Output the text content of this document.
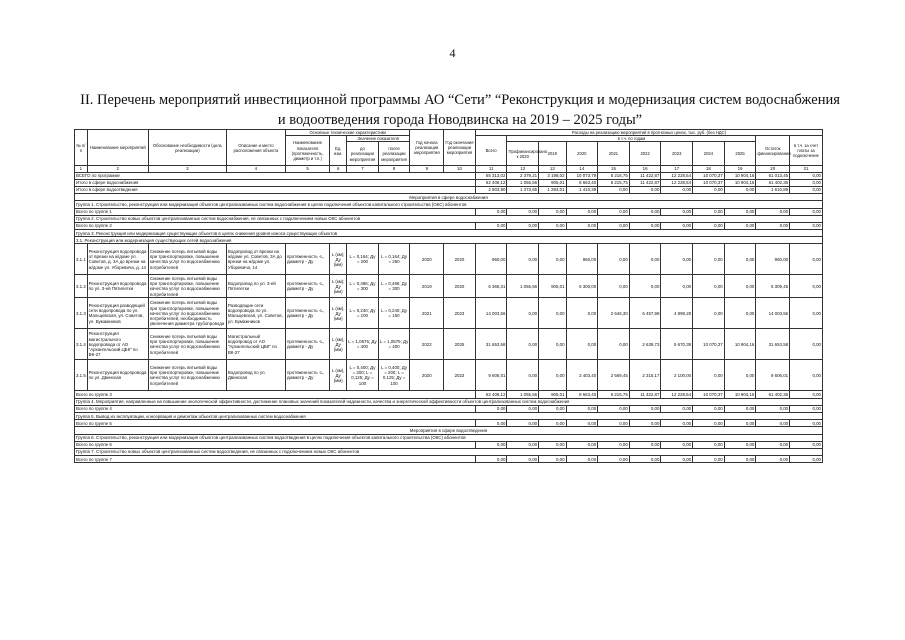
4
II. Перечень мероприятий инвестиционной программы АО “Сети” “Реконструкция и модернизация систем водоснабжения
и водоотведения города Новодвинска на 2019 – 2025 годы”
№ п/п	Наименование мероприятий	Обоснование необходимости (цель реализации)	Описание и место расположения объекта	Основные технические характеристики				Год начала реализации мероприятия	Год окончания реализации мероприятия	Расходы на реализацию мероприятий в прогнозных ценах, тыс. руб. (без НДС)										
				Наименование показателя (протяженность, диаметр и т.п.)	Ед. изм.	Значение показателя				Всего	в т.ч. по годам								Остаток финансирования	в т.ч. за счет платы за подключение
						до реализации мероприятия	после реализации мероприятия				Профинансировано к 2020	2019	2020	2021	2022	2023	2024	2025		
1	2	3	4	5	6	7	8	9	10	11	12	13	14	15	16	17	18	19	20	21
ВСЕГО по программе										65 313,02	2 379,21	3 198,02	10 073,79	5 216,75	11 422,87	12 228,54	10 070,37	10 904,16	61 013,45	0,00
Итого в сфере водоснабжения										62 408,12	1 055,56	905,01	8 663,40	5 215,75	11 422,87	12 228,54	10 070,37	10 904,16	61 402,36	0,00
Итого в сфере водоотведения										2 903,90	1 373,65	1 293,01	1 410,39	0,00	0,00	0,00	0,00	0,00	1 610,89	0,00
Мероприятия в сфере водоснабжения																				
Группа 1. Строительство, реконструкция или модернизация объектов централизованных систем водоснабжения в целях подключения объектов капитального строительства (ОКС) абонентов																				
Всего по группе 1										0,00	0,00	0,00	0,00	0,00	0,00	0,00	0,00	0,00	0,00	0,00
Группа 2. Строительство новых объектов централизованных систем водоснабжения, не связанных с подключением новых ОКС абонентов																				
Всего по группе 2										0,00	0,00	0,00	0,00	0,00	0,00	0,00	0,00	0,00	0,00	0,00
Группа 3. Реконструкция или модернизация существующих объектов в целях снижения уровня износа существующих объектов																				
3.1. Реконструкция или модернизация существующих сетей водоснабжения																				
3.1.1	Реконструкция водопровода от врезки на ж/доме ул. Советов, д. 3А до врезки на ж/доме ул. Уборевича, д. 14	Снижение потерь питьевой воды при транспортировке, повышение качества услуг по водоснабжению потребителей	Водопровод от врезки на ж/доме ул. Советов, 3А до врезки на ж/доме ул. Уборевича, 14	протяженность -L, диаметр - Ду	L (км); Ду (мм)	L = 0,164; Ду = 200	L = 0,164; Ду = 250	2020	2020	960,00	0,00	0,00	960,00	0,00	0,00	0,00	0,00	0,00	960,00	0,00
3.1.2	Реконструкция водопровода по ул. 3-ей Пятилетки	Снижение потерь питьевой воды при транспортировке, повышение качества услуг по водоснабжению потребителей	Водопровод по ул. 3-ей Пятилетки	протяженность -L, диаметр - Ду	L (км); Ду (мм)	L = 0,486; Ду = 300	L = 0,486; Ду = 300	2019	2020	6 365,01	1 055,56	905,01	5 300,00	0,00	0,00	0,00	0,00	0,00	5 309,45	0,00
3.1.3	Реконструкция разводящей сети водопровода по ул. Мальцевская, ул. Советов, ул. Бумажников	Снижение потерь питьевой воды при транспортировке, повышение качества услуг по водоснабжению потребителей, необходимость увеличения диаметра трубопровода	Разводящие сети водопровода по ул. Мальцевская, ул. Советов, ул. Бумажников	протяженность -L, диаметр - Ду	L (км), Ду (мм)	L = 0,240; Ду = 100	L = 0,240; Ду = 150	2021	2023	14 003,56	0,00	0,00	0,00	2 646,30	6 457,98	4 899,28	0,00	0,00	14 003,56	0,00
3.1.4	Реконструкция магистрального водопровода от АО "Архангельский ЦБК" по ВК-27	Снижение потерь питьевой воды при транспортировке, повышение качества услуг по водоснабжению потребителей	Магистральный водопровод от АО "Архангельский ЦБК" по ВК-27	протяженность -L, диаметр - Ду	L (км), Ду (мм)	L = 1,0575; Ду = 400	L = 1,0575; Ду = 400	2022	2025	31 653,58	0,00	0,00	0,00	0,00	2 639,73	5 670,39	10 070,37	10 904,16	31 653,58	0,00
3.1.5	Реконструкция водопровода по ул. Двинская	Снижение потерь питьевой воды при транспортировке, повышение качества услуг по водоснабжению потребителей	Водопровод по ул. Двинская	протяженность -L, диаметр - Ду	L (км), Ду (мм)	L = 0,400; Ду = 200; L = 0,125; Ду = 100	L = 0,400; Ду = 200; L = 0,125; Ду = 100	2020	2023	9 606,01	0,00	0,00	2 403,40	2 569,45	2 315,17	2 100,00	0,00	0,00	9 606,01	0,00
Всего по группе 3										62 408,12	1 055,56	905,01	8 663,40	5 215,75	11 422,87	12 228,54	10 070,37	10 904,16	61 402,36	0,00
Группа 4. Мероприятия, направленные на повышение экологической эффективности, достижение плановых значений показателей надежности, качества и энергетической эффективности объектов централизованных систем водоснабжения																				
Всего по группе 4										0,00	0,00	0,00	0,00	0,00	0,00	0,00	0,00	0,00	0,00	0,00
Группа 5. Вывод из эксплуатации, консервация и демонтаж объектов централизованных систем водоснабжения																				
Всего по группе 5										0,00	0,00	0,00	0,00	0,00	0,00	0,00	0,00	0,00	0,00	0,00
Мероприятия в сфере водоотведения																				
Группа 6. Строительство, реконструкция или модернизация объектов централизованных систем водоотведения в целях подключения объектов капитального строительства (ОКС) абонентов																				
Всего по группе 6										0,00	0,00	0,00	0,00	0,00	0,00	0,00	0,00	0,00	0,00	0,00
Группа 7. Строительство новых объектов централизованных систем водоотведения, не связанных с подключением новых ОКС абонентов																				
Всего по группе 7										0,00	0,00	0,00	0,00	0,00	0,00	0,00	0,00	0,00	0,00	0,00
